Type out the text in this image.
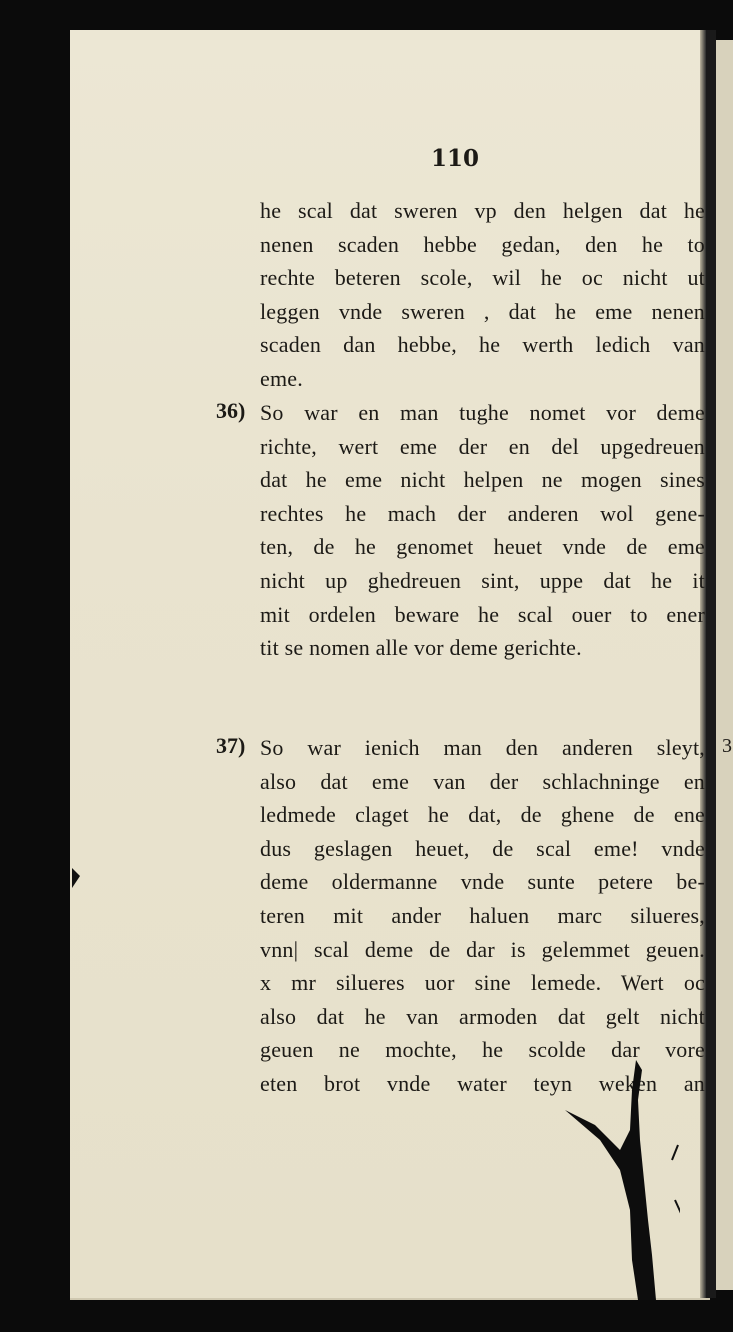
3
110
he scal dat sweren vp den helgen dat he
nenen scaden hebbe gedan, den he to
rechte beteren scole, wil he oc nicht ut
leggen vnde sweren , dat he eme nenen
scaden dan hebbe, he werth ledich van
eme.
36) So war en man tughe nomet vor deme
richte, wert eme der en del upgedreuen
dat he eme nicht helpen ne mogen sines
rechtes he mach der anderen wol gene-
ten, de he genomet heuet vnde de eme
nicht up ghedreuen sint, uppe dat he it
mit ordelen beware he scal ouer to ener
tit se nomen alle vor deme gerichte.
37) So war ienich man den anderen sleyt,
also dat eme van der schlachninge en
ledmede claget he dat, de ghene de ene
dus geslagen heuet, de scal eme! vnde
deme oldermanne vnde sunte petere be-
teren mit ander haluen marc silueres,
vnn| scal deme de dar is gelemmet geuen.
x mr silueres uor sine lemede. Wert oc
also dat he van armoden dat gelt nicht
geuen ne mochte, he scolde dar vore
eten brot vnde water teyn weken an
